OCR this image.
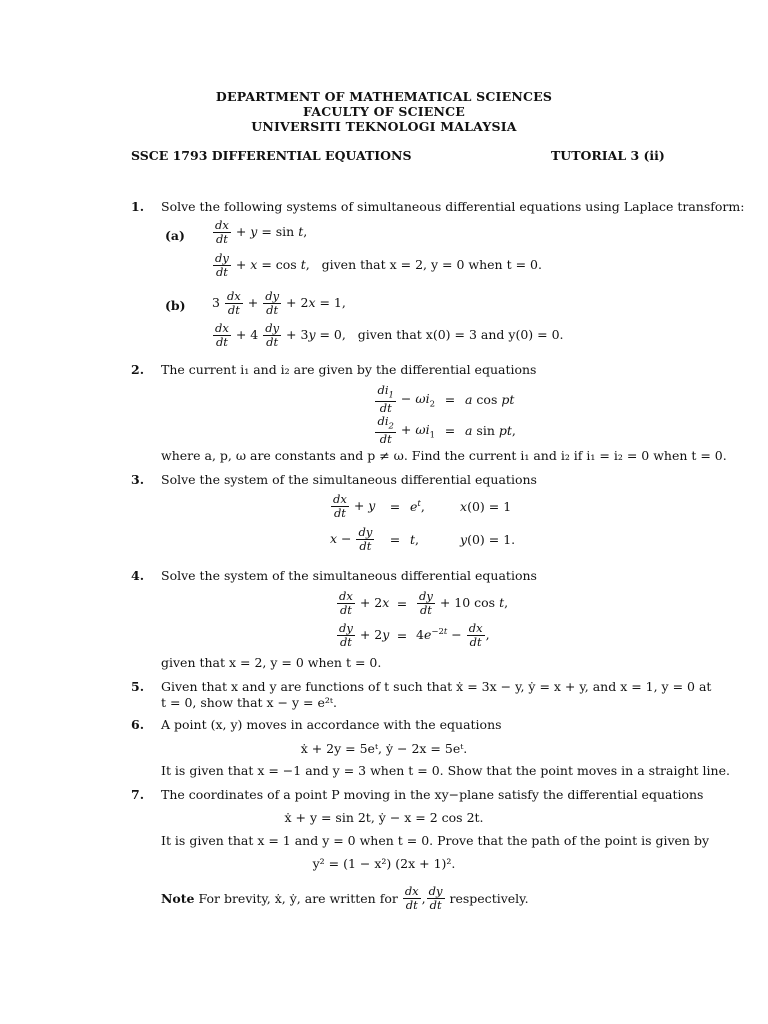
DEPARTMENT OF MATHEMATICAL SCIENCES
FACULTY OF SCIENCE
UNIVERSITI TEKNOLOGI MALAYSIA
SSCE 1793 DIFFERENTIAL EQUATIONS	TUTORIAL 3 (ii)
1. Solve the following systems of simultaneous differential equations using Laplace transform:
$(a) \frac{dx}{dt} + y = \sin t$,
$\frac{dy}{dt} + x = \cos t$,   given that x = 2, y = 0 when t = 0.
(b) $3 \frac{dx}{dt} + \frac{dy}{dt} + 2x = 1$,
$\frac{dx}{dt} + 4 \frac{dy}{dt} + 3y = 0$,   given that x(0) = 3 and y(0) = 0.
2. The current i₁ and i₂ are given by the differential equations
$\frac{di_1}{dt} - \omega i_2 = a$ cos pt
$\frac{di_2}{dt} + \omega i_1 = a$ sin pt,
where a, p, ω are constants and p ≠ ω. Find the current i₁ and i₂ if i₁ = i₂ = 0 when t = 0.
3. Solve the system of the simultaneous differential equations
$\frac{dx}{dt} + y$	= $e^t$,	x(0) = 1
$x - \frac{dy}{dt}$	= t,	y(0) = 1.
4. Solve the system of the simultaneous differential equations
$\frac{dx}{dt} + 2x = \frac{dy}{dt} + 10$ cos t,
$\frac{dy}{dt} + 2y = 4e^{-2t} - \frac{dx}{dt}$ ,
given that x = 2, y = 0 when t = 0.
5. Given that x and y are functions of t such that ẋ = 3x − y, ẏ = x + y, and x = 1, y = 0 at
t = 0, show that x − y = e²ᵗ.
6. A point (x, y) moves in accordance with the equations
ẋ + 2y = 5eᵗ, ẏ − 2x = 5eᵗ.
It is given that x = −1 and y = 3 when t = 0. Show that the point moves in a straight line.
7. The coordinates of a point P moving in the xy−plane satisfy the differential equations
ẋ + y = sin 2t, ẏ − x = 2 cos 2t.
It is given that x = 1 and y = 0 when t = 0. Prove that the path of the point is given by
y² = (1 − x²) (2x + 1)².
Note
For brevity, ẋ, ẏ, are written for
$\frac{dx}{dt}$ , $\frac{dy}{dt}$
respectively.
